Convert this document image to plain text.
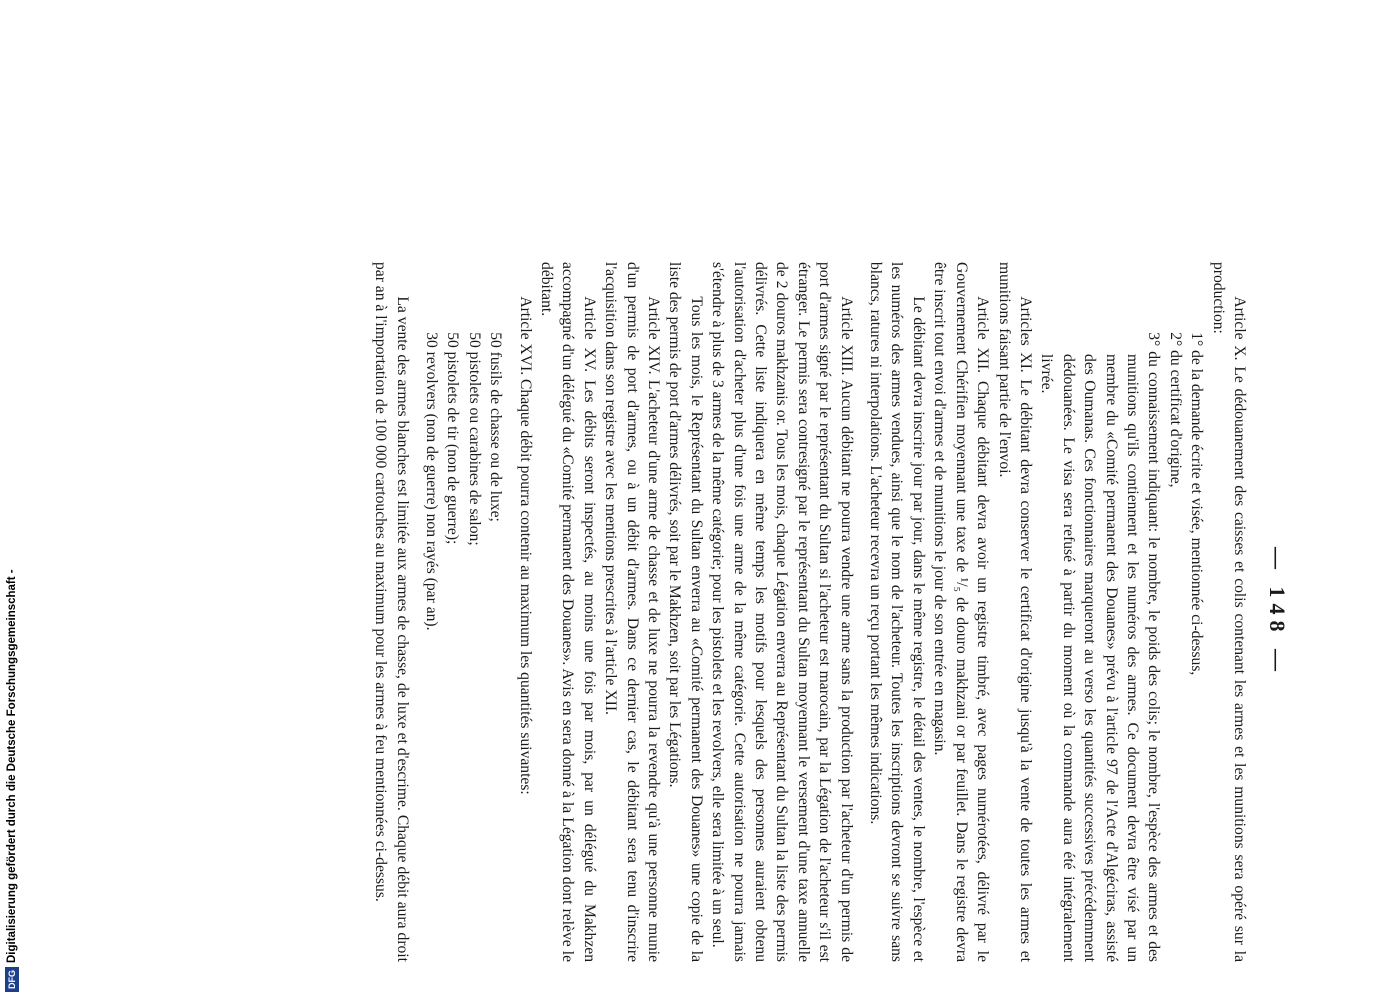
— 148 —

Article X. Le dédouanement des caisses et colis contenant les armes et les munitions sera opéré sur la production:

1° de la demande écrite et visée, mentionnée ci-dessus,

2° du certificat d'origine,

3° du connaissement indiquant: le nombre, le poids des colis; le nombre, l'espèce des armes et des munitions qu'ils contiennent et les numéros des armes. Ce document devra être visé par un membre du «Comité permanent des Douanes» prévu à l'article 97 de l'Acte d'Algéciras, assisté des Oumanas. Ces fonctionnaires marqueront au verso les quantités successives précédemment dédouanées. Le visa sera refusé à partir du moment où la commande aura été intégralement livrée.

Articles XI. Le débitant devra conserver le certificat d'origine jusqu'à la vente de toutes les armes et munitions faisant partie de l'envoi.

Article XII. Chaque débitant devra avoir un registre timbré, avec pages numérotées, délivré par le Gouvernement Chérifien moyennant une taxe de ¹/₅ de douro makhzani or par feuillet. Dans le registre devra être inscrit tout envoi d'armes et de munitions le jour de son entrée en magasin.

Le débitant devra inscrire jour par jour, dans le même registre, le détail des ventes, le nombre, l'espèce et les numéros des armes vendues, ainsi que le nom de l'acheteur. Toutes les inscriptions devront se suivre sans blancs, ratures ni interpolations. L'acheteur recevra un reçu portant les mêmes indications.

Article XIII. Aucun débitant ne pourra vendre une arme sans la production par l'acheteur d'un permis de port d'armes signé par le représentant du Sultan si l'acheteur est marocain, par la Légation de l'acheteur s'il est étranger. Le permis sera contresigné par le représentant du Sultan moyennant le versement d'une taxe annuelle de 2 douros makhzanis or. Tous les mois, chaque Légation enverra au Représentant du Sultan la liste des permis délivrés. Cette liste indiquera en même temps les motifs pour lesquels des personnes auraient obtenu l'autorisation d'acheter plus d'une fois une arme de la même catégorie. Cette autorisation ne pourra jamais s'étendre à plus de 3 armes de la même catégorie; pour les pistolets et les revolvers, elle sera limitée à un seul.

Tous les mois, le Représentant du Sultan enverra au «Comité permanent des Douanes» une copie de la liste des permis de port d'armes délivrés, soit par le Makhzen, soit par les Légations.

Article XIV. L'acheteur d'une arme de chasse et de luxe ne pourra la revendre qu'à une personne munie d'un permis de port d'armes, ou à un débit d'armes. Dans ce dernier cas, le débitant sera tenu d'inscrire l'acquisition dans son registre avec les mentions prescrites à l'article XII.

Article XV. Les débits seront inspectés, au moins une fois par mois, par un délégué du Makhzen accompagné d'un délégué du «Comité permanent des Douanes». Avis en sera donné à la Légation dont relève le débitant.

Article XVI. Chaque débit pourra contenir au maximum les quantités suivantes:

50 fusils de chasse ou de luxe;

50 pistolets ou carabines de salon;

50 pistolets de tir (non de guerre);

30 revolvers (non de guerre) non rayés (par an).

La vente des armes blanches est limitée aux armes de chasse, de luxe et d'escrime. Chaque débit aura droit par an à l'importation de 100 000 cartouches au maximum pour les armes à feu mentionnées ci-dessus.

DFGDigitalisierung gefördert durch die Deutsche Forschungsgemeinschaft -
